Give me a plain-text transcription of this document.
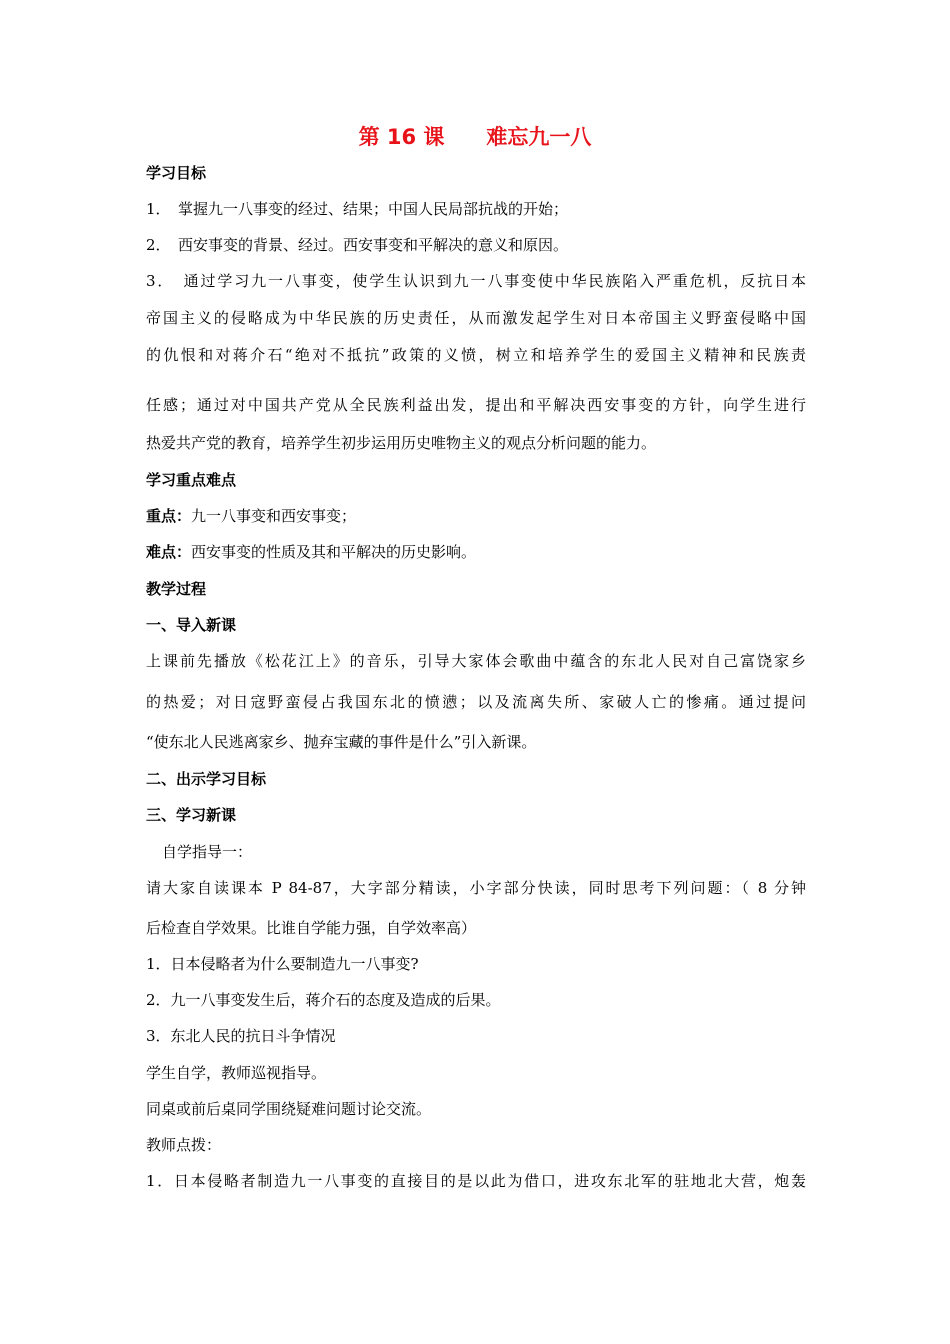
第 16 课　　难忘九一八
学习目标
1．　掌握九一八事变的经过、结果；中国人民局部抗战的开始；
2．　西安事变的背景、经过。西安事变和平解决的意义和原因。
3．　通过学习九一八事变，使学生认识到九一八事变使中华民族陷入严重危机，反抗日本
帝国主义的侵略成为中华民族的历史责任，从而激发起学生对日本帝国主义野蛮侵略中国
的仇恨和对蒋介石“绝对不抵抗”政策的义愤，树立和培养学生的爱国主义精神和民族责
任感；通过对中国共产党从全民族利益出发，提出和平解决西安事变的方针，向学生进行
热爱共产党的教育，培养学生初步运用历史唯物主义的观点分析问题的能力。
学习重点难点
重点：九一八事变和西安事变；
难点：西安事变的性质及其和平解决的历史影响。
教学过程
一、导入新课
上课前先播放《松花江上》的音乐，引导大家体会歌曲中蕴含的东北人民对自己富饶家乡
的热爱；对日寇野蛮侵占我国东北的愤懑；以及流离失所、家破人亡的惨痛。通过提问
“使东北人民逃离家乡、抛弃宝藏的事件是什么”引入新课。
二、出示学习目标
三、学习新课
自学指导一：
请大家自读课本 P 84-87，大字部分精读，小字部分快读，同时思考下列问题：（ 8 分钟
后检查自学效果。比谁自学能力强，自学效率高）
1．日本侵略者为什么要制造九一八事变?
2．九一八事变发生后，蒋介石的态度及造成的后果。
3．东北人民的抗日斗争情况
学生自学，教师巡视指导。
同桌或前后桌同学围绕疑难问题讨论交流。
教师点拨：
1．日本侵略者制造九一八事变的直接目的是以此为借口，进攻东北军的驻地北大营，炮轰
